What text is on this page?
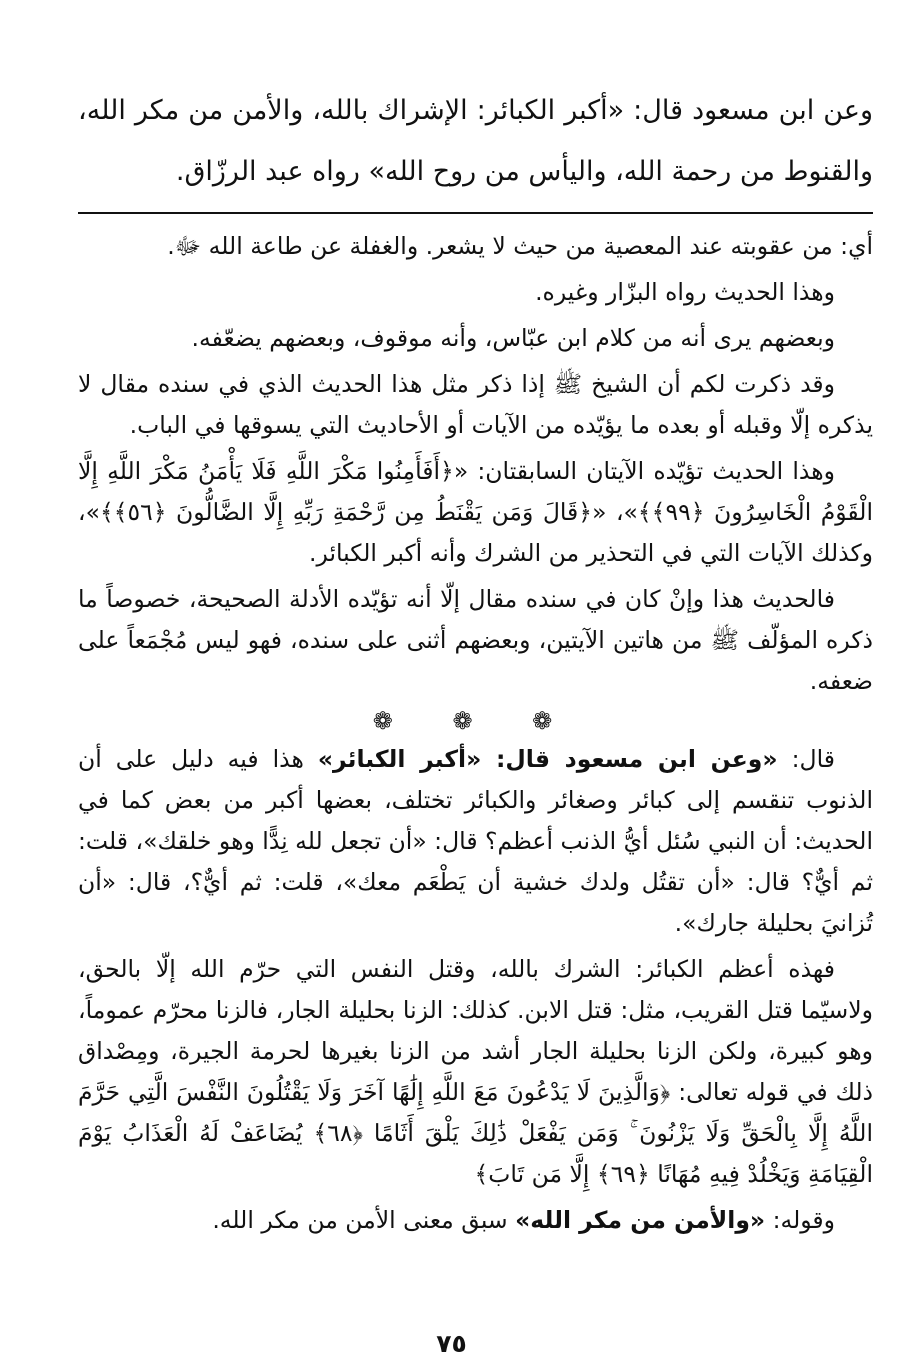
وعن ابن مسعود قال: «أكبر الكبائر: الإشراك بالله، والأمن من مكر الله، والقنوط من رحمة الله، واليأس من روح الله» رواه عبد الرزّاق.

أي: من عقوبته عند المعصية من حيث لا يشعر. والغفلة عن طاعة الله ﷻ.

وهذا الحديث رواه البزّار وغيره.

وبعضهم يرى أنه من كلام ابن عبّاس، وأنه موقوف، وبعضهم يضعّفه.

وقد ذكرت لكم أن الشيخ ﷺ إذا ذكر مثل هذا الحديث الذي في سنده مقال لا يذكره إلّا وقبله أو بعده ما يؤيّده من الآيات أو الأحاديث التي يسوقها في الباب.

وهذا الحديث تؤيّده الآيتان السابقتان: «﴿أَفَأَمِنُوا مَكْرَ اللَّهِ فَلَا يَأْمَنُ مَكْرَ اللَّهِ إِلَّا الْقَوْمُ الْخَاسِرُونَ ﴿٩٩﴾﴾»، «﴿قَالَ وَمَن يَقْنَطُ مِن رَّحْمَةِ رَبِّهِ إِلَّا الضَّالُّونَ ﴿٥٦﴾﴾»، وكذلك الآيات التي في التحذير من الشرك وأنه أكبر الكبائر.

فالحديث هذا وإنْ كان في سنده مقال إلّا أنه تؤيّده الأدلة الصحيحة، خصوصاً ما ذكره المؤلّف ﷺ من هاتين الآيتين، وبعضهم أثنى على سنده، فهو ليس مُجْمَعاً على ضعفه.

❁ ❁ ❁

قال: «وعن ابن مسعود قال: «أكبر الكبائر» هذا فيه دليل على أن الذنوب تنقسم إلى كبائر وصغائر والكبائر تختلف، بعضها أكبر من بعض كما في الحديث: أن النبي سُئل أيُّ الذنب أعظم؟ قال: «أن تجعل لله نِدًّا وهو خلقك»، قلت: ثم أيٌّ؟ قال: «أن تقتُل ولدك خشية أن يَطْعَم معك»، قلت: ثم أيٌّ؟، قال: «أن تُزانيَ بحليلة جارك».

فهذه أعظم الكبائر: الشرك بالله، وقتل النفس التي حرّم الله إلّا بالحق، ولاسيّما قتل القريب، مثل: قتل الابن. كذلك: الزنا بحليلة الجار، فالزنا محرّم عموماً، وهو كبيرة، ولكن الزنا بحليلة الجار أشد من الزنا بغيرها لحرمة الجيرة، ومِصْداق ذلك في قوله تعالى: ﴿وَالَّذِينَ لَا يَدْعُونَ مَعَ اللَّهِ إِلَٰهًا آخَرَ وَلَا يَقْتُلُونَ النَّفْسَ الَّتِي حَرَّمَ اللَّهُ إِلَّا بِالْحَقِّ وَلَا يَزْنُونَ ۚ وَمَن يَفْعَلْ ذَٰلِكَ يَلْقَ أَثَامًا ﴿٦٨﴾ يُضَاعَفْ لَهُ الْعَذَابُ يَوْمَ الْقِيَامَةِ وَيَخْلُدْ فِيهِ مُهَانًا ﴿٦٩﴾ إِلَّا مَن تَابَ﴾

وقوله: «والأمن من مكر الله» سبق معنى الأمن من مكر الله.

٧٥
